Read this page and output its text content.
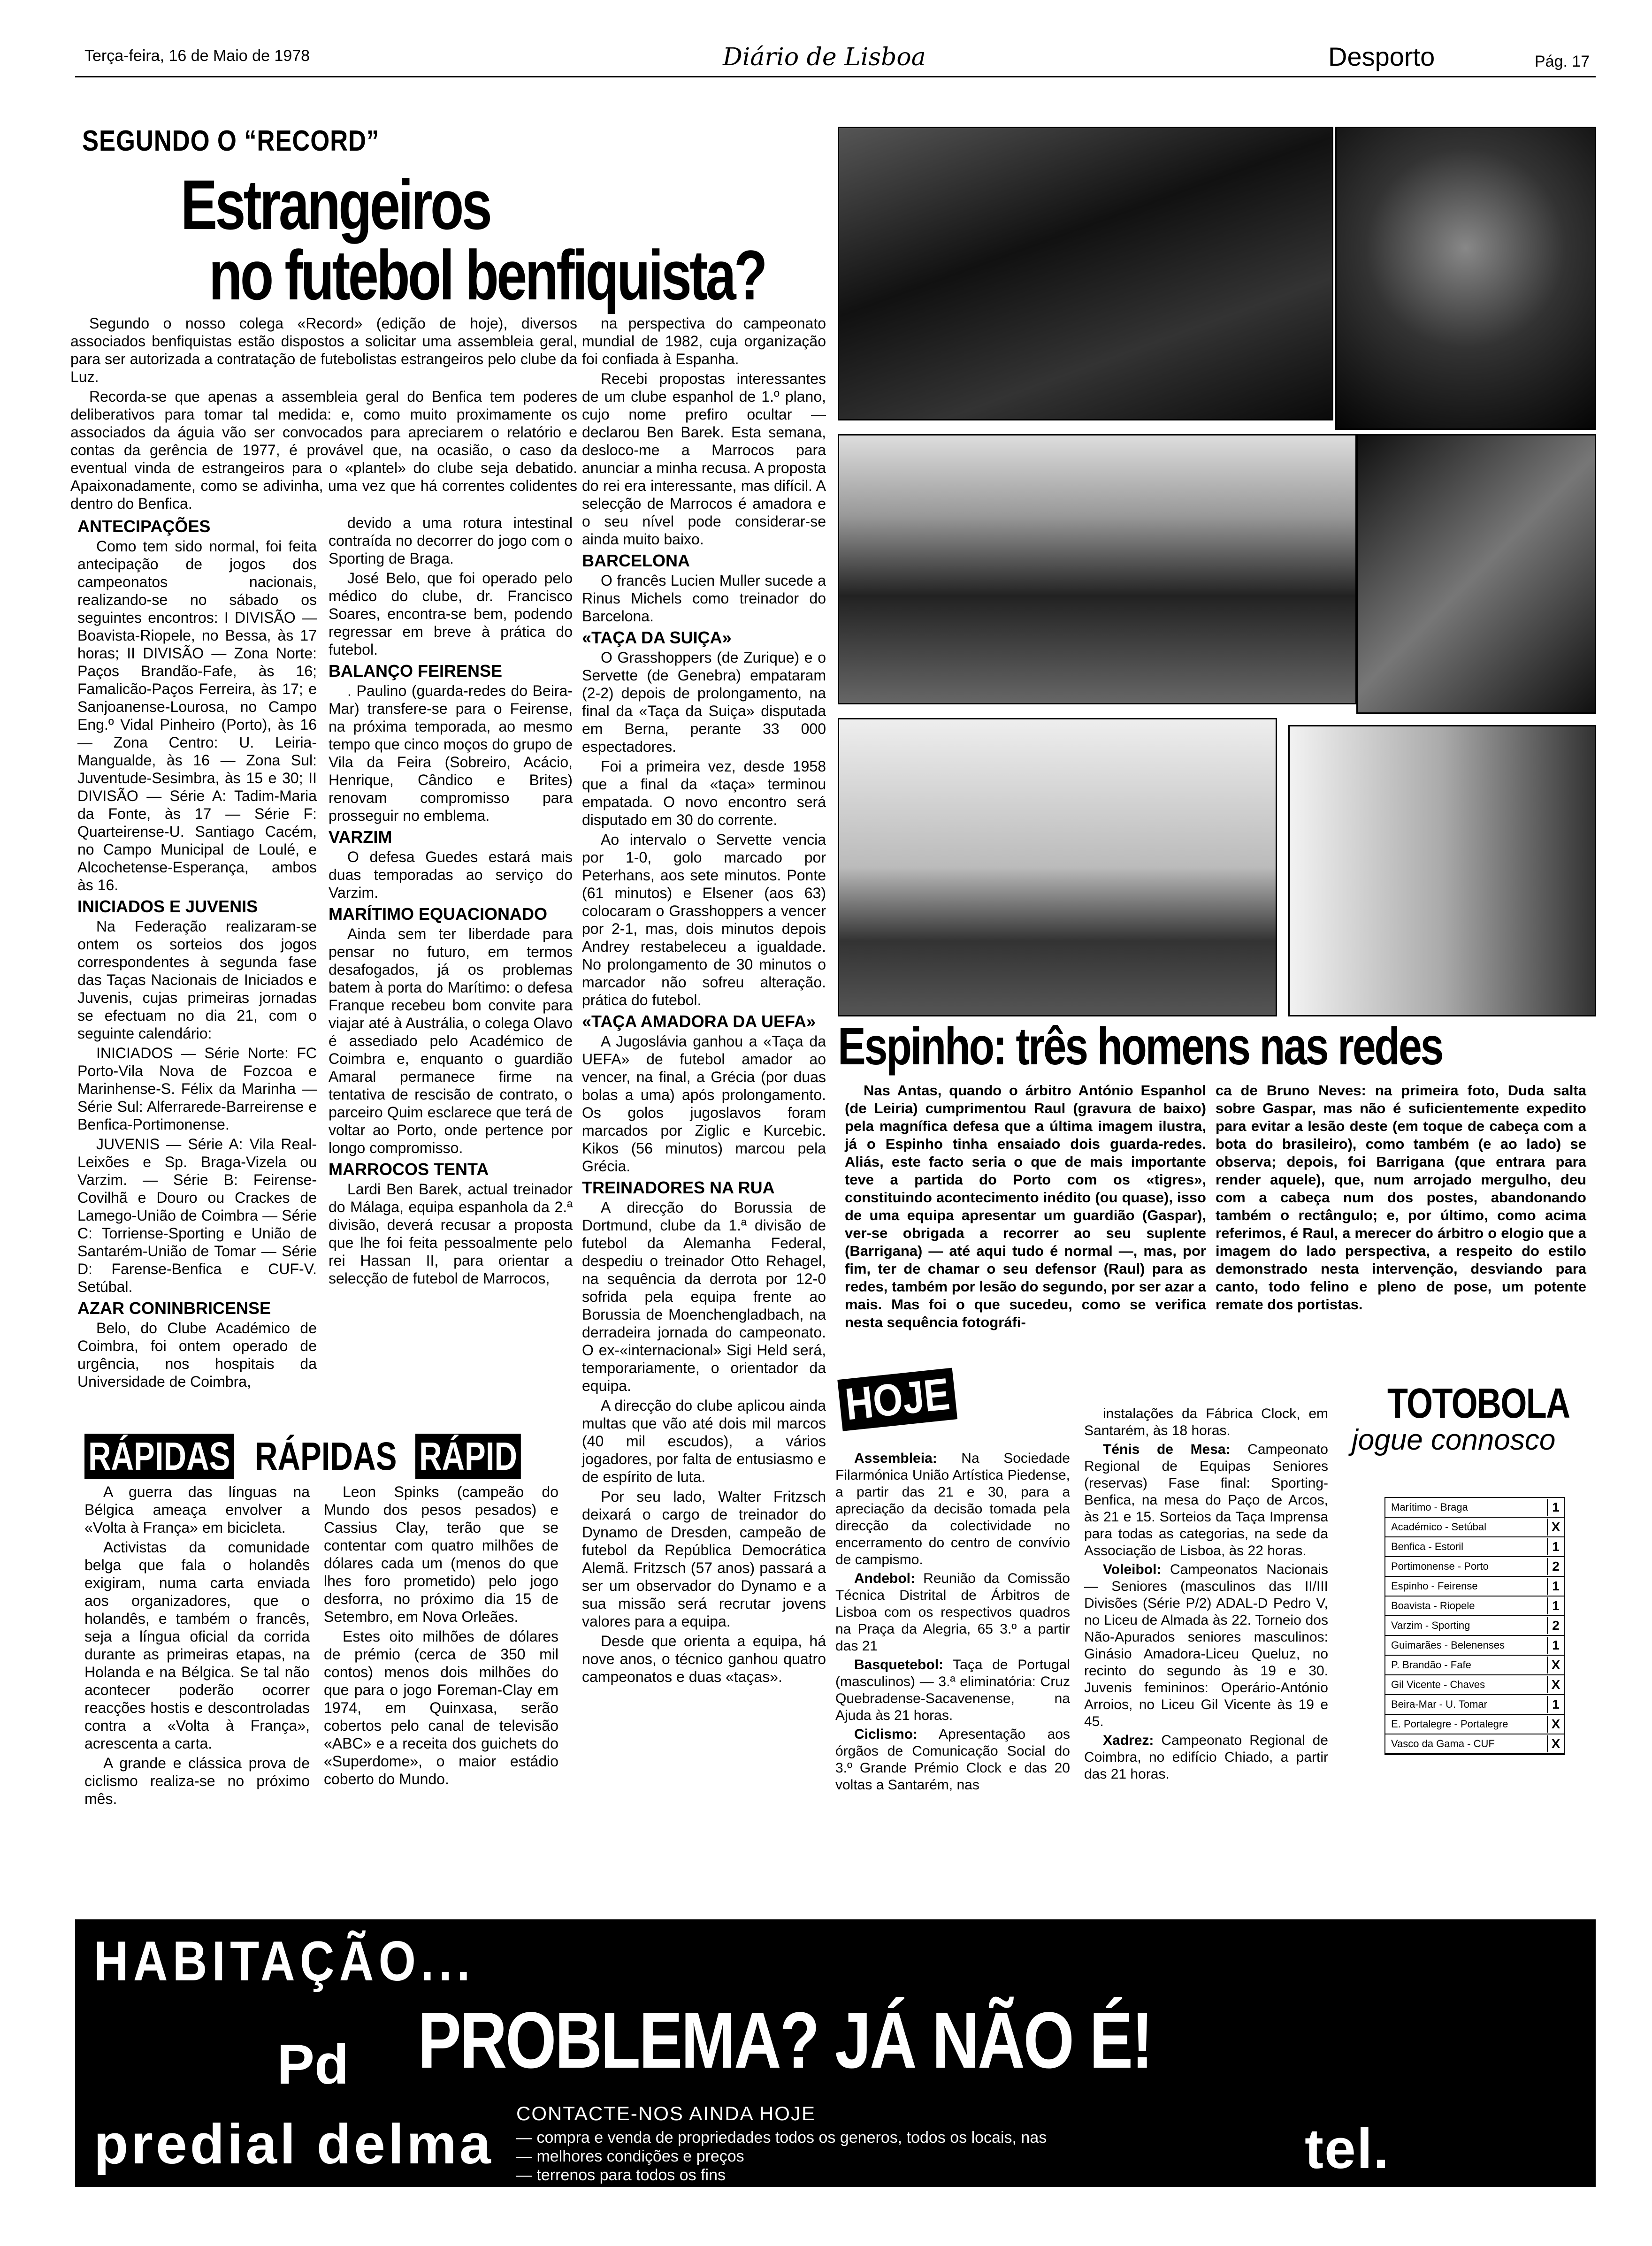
Terça-feira, 16 de Maio de 1978	Diário de Lisboa	Desporto	Pág. 17
SEGUNDO O “RECORD”
Estrangeiros
no futebol benfiquista?

Segundo o nosso colega «Record» (edição de hoje), diversos associados benfiquistas estão dispostos a solicitar uma assembleia geral, para ser autorizada a contratação de futebolistas estrangeiros pelo clube da Luz.

Recorda-se que apenas a assembleia geral do Benfica tem poderes deliberativos para tomar tal medida: e, como muito proximamente os associados da águia vão ser convocados para apreciarem o relatório e contas da gerência de 1977, é provável que, na ocasião, o caso da eventual vinda de estrangeiros para o «plantel» do clube seja debatido. Apaixonadamente, como se adivinha, uma vez que há correntes colidentes dentro do Benfica.

ANTECIPAÇÕES

Como tem sido normal, foi feita antecipação de jogos dos campeonatos nacionais, realizando-se no sábado os seguintes encontros: I DIVISÃO — Boavista-Riopele, no Bessa, às 17 horas; II DIVISÃO — Zona Norte: Paços Brandão-Fafe, às 16; Famalicão-Paços Ferreira, às 17; e Sanjoanense-Lourosa, no Campo Eng.º Vidal Pinheiro (Porto), às 16 — Zona Centro: U. Leiria-Mangualde, às 16 — Zona Sul: Juventude-Sesimbra, às 15 e 30; II DIVISÃO — Série A: Tadim-Maria da Fonte, às 17 — Série F: Quarteirense-U. Santiago Cacém, no Campo Municipal de Loulé, e Alcochetense-Esperança, ambos às 16.

INICIADOS E JUVENIS

Na Federação realizaram-se ontem os sorteios dos jogos correspondentes à segunda fase das Taças Nacionais de Iniciados e Juvenis, cujas primeiras jornadas se efectuam no dia 21, com o seguinte calendário:

INICIADOS — Série Norte: FC Porto-Vila Nova de Fozcoa e Marinhense-S. Félix da Marinha — Série Sul: Alferrarede-Barreirense e Benfica-Portimonense.

JUVENIS — Série A: Vila Real-Leixões e Sp. Braga-Vizela ou Varzim. — Série B: Feirense-Covilhã e Douro ou Crackes de Lamego-União de Coimbra — Série C: Torriense-Sporting e União de Santarém-União de Tomar — Série D: Farense-Benfica e CUF-V. Setúbal.

AZAR CONINBRICENSE

Belo, do Clube Académico de Coimbra, foi ontem operado de urgência, nos hospitais da Universidade de Coimbra,

devido a uma rotura intestinal contraída no decorrer do jogo com o Sporting de Braga.

José Belo, que foi operado pelo médico do clube, dr. Francisco Soares, encontra-se bem, podendo regressar em breve à prática do futebol.

BALANÇO FEIRENSE

. Paulino (guarda-redes do Beira-Mar) transfere-se para o Feirense, na próxima temporada, ao mesmo tempo que cinco moços do grupo de Vila da Feira (Sobreiro, Acácio, Henrique, Cândico e Brites) renovam compromisso para prosseguir no emblema.

VARZIM

O defesa Guedes estará mais duas temporadas ao serviço do Varzim.

MARÍTIMO EQUACIONADO

Ainda sem ter liberdade para pensar no futuro, em termos desafogados, já os problemas batem à porta do Marítimo: o defesa Franque recebeu bom convite para viajar até à Austrália, o colega Olavo é assediado pelo Académico de Coimbra e, enquanto o guardião Amaral permanece firme na tentativa de rescisão de contrato, o parceiro Quim esclarece que terá de voltar ao Porto, onde pertence por longo compromisso.

MARROCOS TENTA

Lardi Ben Barek, actual treinador do Málaga, equipa espanhola da 2.ª divisão, deverá recusar a proposta que lhe foi feita pessoalmente pelo rei Hassan II, para orientar a selecção de futebol de Marrocos,

na perspectiva do campeonato mundial de 1982, cuja organização foi confiada à Espanha.

Recebi propostas interessantes de um clube espanhol de 1.º plano, cujo nome prefiro ocultar — declarou Ben Barek. Esta semana, desloco-me a Marrocos para anunciar a minha recusa. A proposta do rei era interessante, mas difícil. A selecção de Marrocos é amadora e o seu nível pode considerar-se ainda muito baixo.

BARCELONA

O francês Lucien Muller sucede a Rinus Michels como treinador do Barcelona.

«TAÇA DA SUIÇA»

O Grasshoppers (de Zurique) e o Servette (de Genebra) empataram (2-2) depois de prolongamento, na final da «Taça da Suiça» disputada em Berna, perante 33 000 espectadores.

Foi a primeira vez, desde 1958 que a final da «taça» terminou empatada. O novo encontro será disputado em 30 do corrente.

Ao intervalo o Servette vencia por 1-0, golo marcado por Peterhans, aos sete minutos. Ponte (61 minutos) e Elsener (aos 63) colocaram o Grasshoppers a vencer por 2-1, mas, dois minutos depois Andrey restabeleceu a igualdade. No prolongamento de 30 minutos o marcador não sofreu alteração. prática do futebol.

«TAÇA AMADORA DA UEFA»

A Jugoslávia ganhou a «Taça da UEFA» de futebol amador ao vencer, na final, a Grécia (por duas bolas a uma) após prolongamento. Os golos jugoslavos foram marcados por Ziglic e Kurcebic. Kikos (56 minutos) marcou pela Grécia.

TREINADORES NA RUA

A direcção do Borussia de Dortmund, clube da 1.ª divisão de futebol da Alemanha Federal, despediu o treinador Otto Rehagel, na sequência da derrota por 12-0 sofrida pela equipa frente ao Borussia de Moenchengladbach, na derradeira jornada do campeonato. O ex-«internacional» Sigi Held será, temporariamente, o orientador da equipa.

A direcção do clube aplicou ainda multas que vão até dois mil marcos (40 mil escudos), a vários jogadores, por falta de entusiasmo e de espírito de luta.

Por seu lado, Walter Fritzsch deixará o cargo de treinador do Dynamo de Dresden, campeão de futebol da República Democrática Alemã. Fritzsch (57 anos) passará a ser um observador do Dynamo e a sua missão será recrutar jovens valores para a equipa.

Desde que orienta a equipa, há nove anos, o técnico ganhou quatro campeonatos e duas «taças».

Espinho: três homens nas redes

Nas Antas, quando o árbitro António Espanhol (de Leiria) cumprimentou Raul (gravura de baixo) pela magnífica defesa que a última imagem ilustra, já o Espinho tinha ensaiado dois guarda-redes. Aliás, este facto seria o que de mais importante teve a partida do Porto com os «tigres», constituindo acontecimento inédito (ou quase), isso de uma equipa apresentar um guardião (Gaspar), ver-se obrigada a recorrer ao seu suplente (Barrigana) — até aqui tudo é normal —, mas, por fim, ter de chamar o seu defensor (Raul) para as redes, também por lesão do segundo, por ser azar a mais. Mas foi o que sucedeu, como se verifica nesta sequência fotográfi-

ca de Bruno Neves: na primeira foto, Duda salta sobre Gaspar, mas não é suficientemente expedito para evitar a lesão deste (em toque de cabeça com a bota do brasileiro), como também (e ao lado) se observa; depois, foi Barrigana (que entrara para render aquele), que, num arrojado mergulho, deu com a cabeça num dos postes, abandonando também o rectângulo; e, por último, como acima referimos, é Raul, a merecer do árbitro o elogio que a imagem do lado perspectiva, a respeito do estilo demonstrado nesta intervenção, desviando para canto, todo felino e pleno de pose, um potente remate dos portistas.

RÁPIDAS RÁPIDAS RÁPID

A guerra das línguas na Bélgica ameaça envolver a «Volta à França» em bicicleta.

Activistas da comunidade belga que fala o holandês exigiram, numa carta enviada aos organizadores, que o holandês, e também o francês, seja a língua oficial da corrida durante as primeiras etapas, na Holanda e na Bélgica. Se tal não acontecer poderão ocorrer reacções hostis e descontroladas contra a «Volta à França», acrescenta a carta.

A grande e clássica prova de ciclismo realiza-se no próximo mês.

Leon Spinks (campeão do Mundo dos pesos pesados) e Cassius Clay, terão que se contentar com quatro milhões de dólares cada um (menos do que lhes foro prometido) pelo jogo desforra, no próximo dia 15 de Setembro, em Nova Orleães.

Estes oito milhões de dólares de prémio (cerca de 350 mil contos) menos dois milhões do que para o jogo Foreman-Clay em 1974, em Quinxasa, serão cobertos pelo canal de televisão «ABC» e a receita dos guichets do «Superdome», o maior estádio coberto do Mundo.

HOJE

Assembleia: Na Sociedade Filarmónica União Artística Piedense, a partir das 21 e 30, para a apreciação da decisão tomada pela direcção da colectividade no encerramento do centro de convívio de campismo.

Andebol: Reunião da Comissão Técnica Distrital de Árbitros de Lisboa com os respectivos quadros na Praça da Alegria, 65 3.º a partir das 21

Basquetebol: Taça de Portugal (masculinos) — 3.ª eliminatória: Cruz Quebradense-Sacavenense, na Ajuda às 21 horas.

Ciclismo: Apresentação aos órgãos de Comunicação Social do 3.º Grande Prémio Clock e das 20 voltas a Santarém, nas

instalações da Fábrica Clock, em Santarém, às 18 horas.

Ténis de Mesa: Campeonato Regional de Equipas Seniores (reservas) Fase final: Sporting-Benfica, na mesa do Paço de Arcos, às 21 e 15. Sorteios da Taça Imprensa para todas as categorias, na sede da Associação de Lisboa, às 22 horas.

Voleibol: Campeonatos Nacionais — Seniores (masculinos das II/III Divisões (Série P/2) ADAL-D Pedro V, no Liceu de Almada às 22. Torneio dos Não-Apurados seniores masculinos: Ginásio Amadora-Liceu Queluz, no recinto do segundo às 19 e 30. Juvenis femininos: Operário-António Arroios, no Liceu Gil Vicente às 19 e 45.

Xadrez: Campeonato Regional de Coimbra, no edifício Chiado, a partir das 21 horas.

TOTOBOLA
jogue connosco
Marítimo - Braga	1
Académico - Setúbal	X
Benfica - Estoril	1
Portimonense - Porto	2
Espinho - Feirense	1
Boavista - Riopele	1
Varzim - Sporting	2
Guimarães - Belenenses	1
P. Brandão - Fafe	X
Gil Vicente - Chaves	X
Beira-Mar - U. Tomar	1
E. Portalegre - Portalegre	X
Vasco da Gama - CUF	X
HABITAÇÃO...
Pd PROBLEMA? JÁ NÃO É!
CONTACTE-NOS AINDA HOJE
— compra e venda de propriedades todos os generos, todos os locais, nas
— melhores condições e preços
— terrenos para todos os fins
predial delma	tel. 578231
